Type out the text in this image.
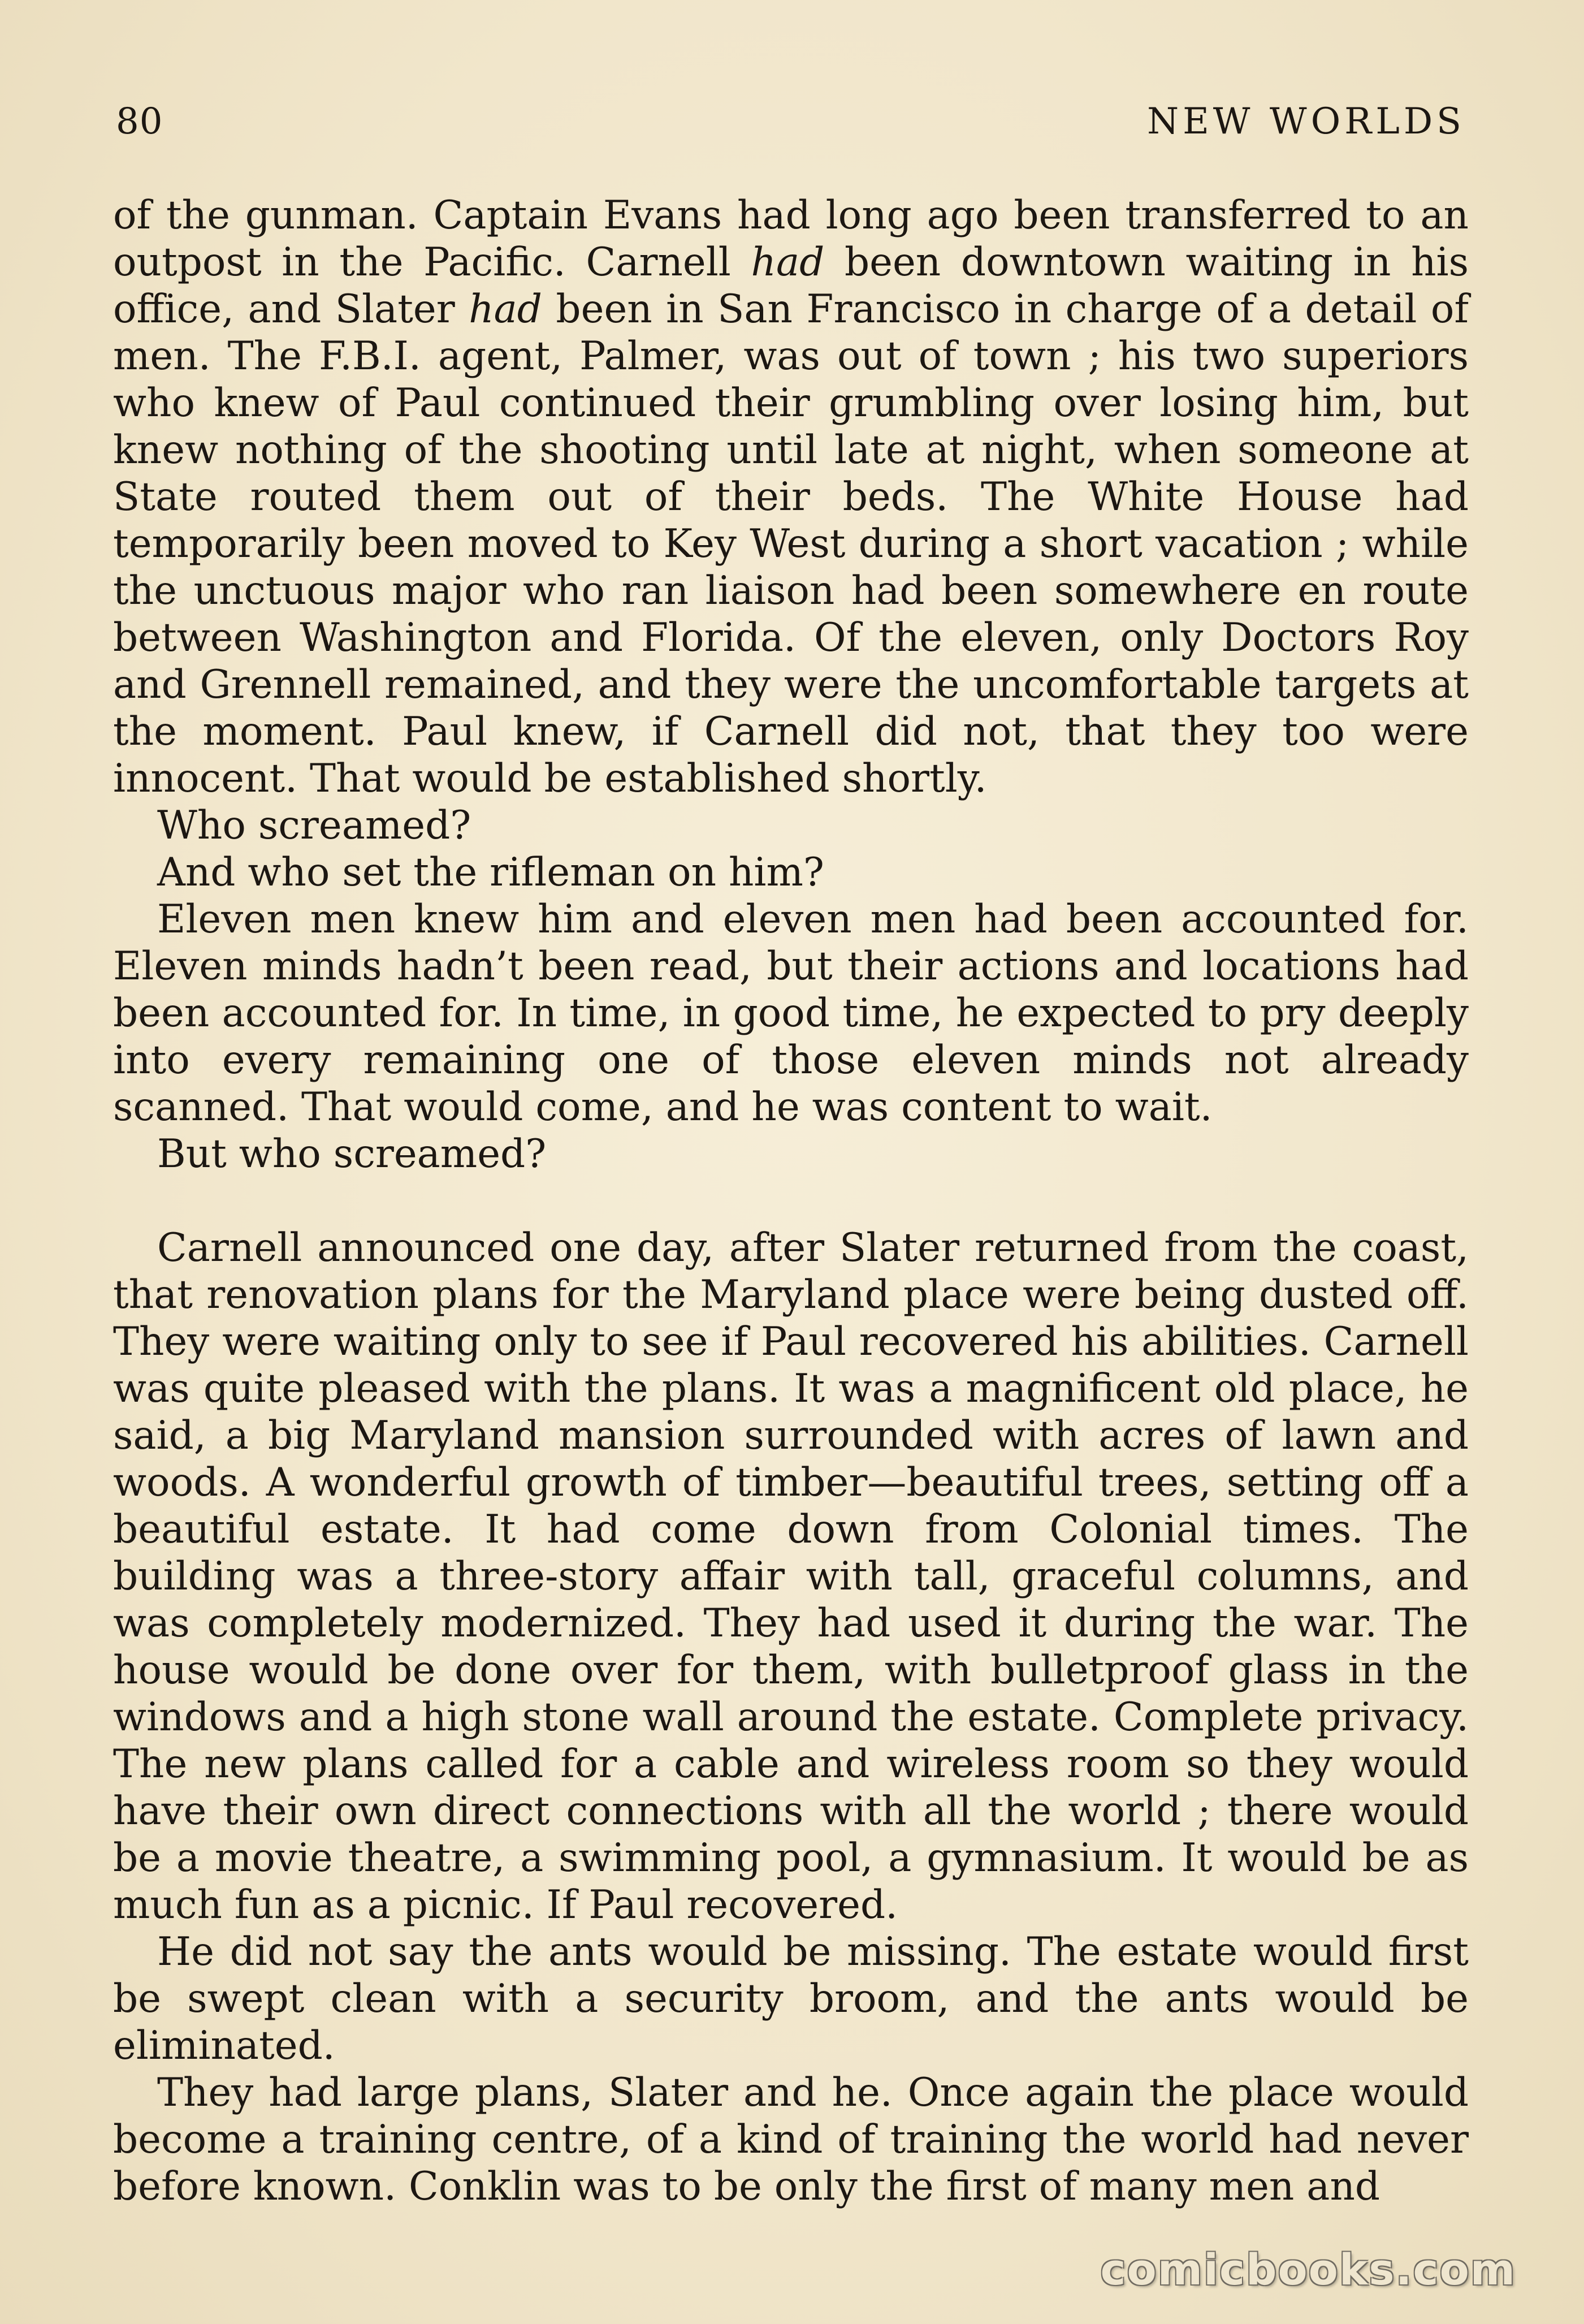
80	NEW WORLDS

of the gunman. Captain Evans had long ago been transferred to an outpost in the Pacific. Carnell had been downtown waiting in his office, and Slater had been in San Francisco in charge of a detail of men. The F.B.I. agent, Palmer, was out of town ; his two superiors who knew of Paul continued their grumbling over losing him, but knew nothing of the shooting until late at night, when someone at State routed them out of their beds. The White House had temporarily been moved to Key West during a short vacation ; while the unctuous major who ran liaison had been somewhere en route between Washington and Florida. Of the eleven, only Doctors Roy and Grennell remained, and they were the uncomfortable targets at the moment. Paul knew, if Carnell did not, that they too were innocent. That would be established shortly.

Who screamed?

And who set the rifleman on him?

Eleven men knew him and eleven men had been accounted for. Eleven minds hadn’t been read, but their actions and locations had been accounted for. In time, in good time, he expected to pry deeply into every remaining one of those eleven minds not already scanned. That would come, and he was content to wait.

But who screamed?

Carnell announced one day, after Slater returned from the coast, that renovation plans for the Maryland place were being dusted off. They were waiting only to see if Paul recovered his abilities. Carnell was quite pleased with the plans. It was a magnificent old place, he said, a big Maryland mansion surrounded with acres of lawn and woods. A wonderful growth of timber—beautiful trees, setting off a beautiful estate. It had come down from Colonial times. The building was a three-story affair with tall, graceful columns, and was completely modernized. They had used it during the war. The house would be done over for them, with bulletproof glass in the windows and a high stone wall around the estate. Complete privacy. The new plans called for a cable and wireless room so they would have their own direct connections with all the world ; there would be a movie theatre, a swimming pool, a gymnasium. It would be as much fun as a picnic. If Paul recovered.

He did not say the ants would be missing. The estate would first be swept clean with a security broom, and the ants would be eliminated.

They had large plans, Slater and he. Once again the place would become a training centre, of a kind of training the world had never before known. Conklin was to be only the first of many men and

comicbooks.com
